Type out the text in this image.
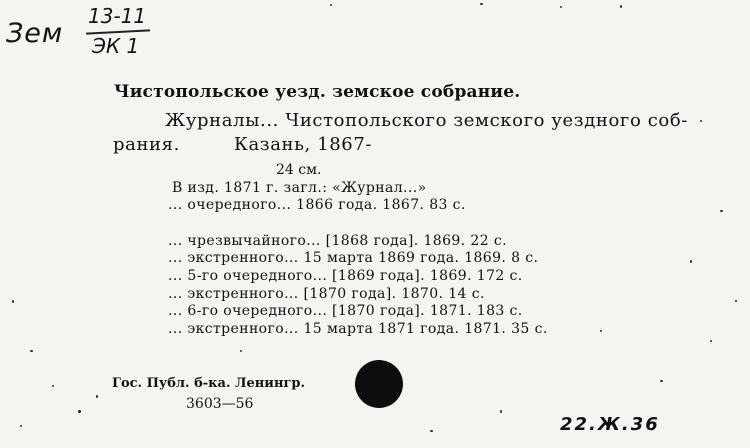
Зем
13-11
ЭК 1
Чистопольское уезд. земское собрание.
Журналы... Чистопольского земского уездного соб-
рания.	Казань, 1867-
24 см.
В изд. 1871 г. загл.: «Журнал...»
... очередного... 1866 года. 1867. 83 с.
... чрезвычайного... [1868 года]. 1869. 22 с.
... экстренного... 15 марта 1869 года. 1869. 8 с.
... 5-го очередного... [1869 года]. 1869. 172 с.
... экстренного... [1870 года]. 1870. 14 с.
... 6-го очередного... [1870 года]. 1871. 183 с.
... экстренного... 15 марта 1871 года. 1871. 35 с.
Гос. Публ. б-ка. Ленингр.
3603—56
22.Ж.36
